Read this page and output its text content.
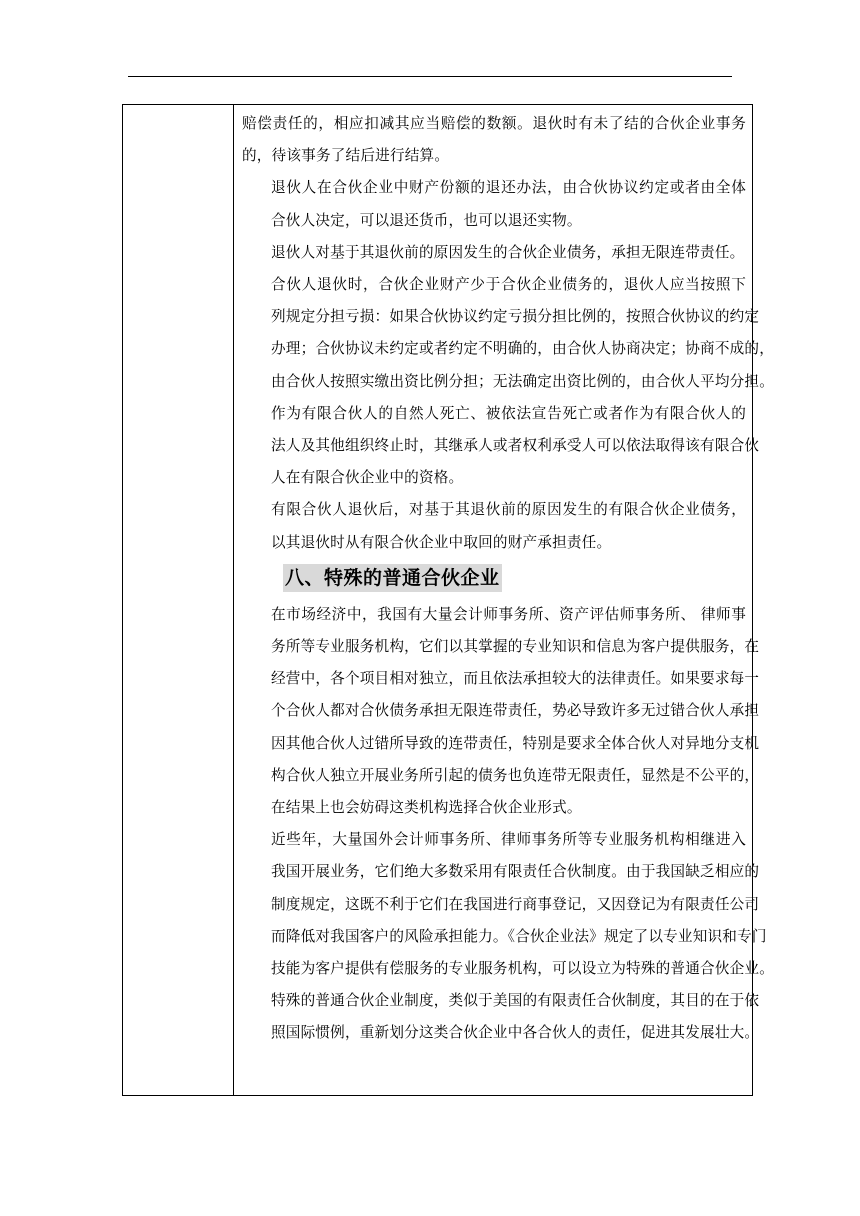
赔偿责任的，相应扣减其应当赔偿的数额。退伙时有未了结的合伙企业事务
的，待该事务了结后进行结算。

退伙人在合伙企业中财产份额的退还办法，由合伙协议约定或者由全体
合伙人决定，可以退还货币，也可以退还实物。

退伙人对基于其退伙前的原因发生的合伙企业债务，承担无限连带责任。

合伙人退伙时，合伙企业财产少于合伙企业债务的，退伙人应当按照下
列规定分担亏损：如果合伙协议约定亏损分担比例的，按照合伙协议的约定
办理；合伙协议未约定或者约定不明确的，由合伙人协商决定；协商不成的，
由合伙人按照实缴出资比例分担；无法确定出资比例的，由合伙人平均分担。

作为有限合伙人的自然人死亡、被依法宣告死亡或者作为有限合伙人的
法人及其他组织终止时，其继承人或者权利承受人可以依法取得该有限合伙
人在有限合伙企业中的资格。

有限合伙人退伙后，对基于其退伙前的原因发生的有限合伙企业债务，
以其退伙时从有限合伙企业中取回的财产承担责任。

八、特殊的普通合伙企业

在市场经济中，我国有大量会计师事务所、资产评估师事务所、 律师事
务所等专业服务机构，它们以其掌握的专业知识和信息为客户提供服务，在
经营中，各个项目相对独立，而且依法承担较大的法律责任。如果要求每一
个合伙人都对合伙债务承担无限连带责任，势必导致许多无过错合伙人承担
因其他合伙人过错所导致的连带责任，特别是要求全体合伙人对异地分支机
构合伙人独立开展业务所引起的债务也负连带无限责任，显然是不公平的，
在结果上也会妨碍这类机构选择合伙企业形式。

近些年，大量国外会计师事务所、律师事务所等专业服务机构相继进入
我国开展业务，它们绝大多数采用有限责任合伙制度。由于我国缺乏相应的
制度规定，这既不利于它们在我国进行商事登记，又因登记为有限责任公司
而降低对我国客户的风险承担能力。《合伙企业法》规定了以专业知识和专门
技能为客户提供有偿服务的专业服务机构，可以设立为特殊的普通合伙企业。
特殊的普通合伙企业制度，类似于美国的有限责任合伙制度，其目的在于依
照国际惯例，重新划分这类合伙企业中各合伙人的责任，促进其发展壮大。
